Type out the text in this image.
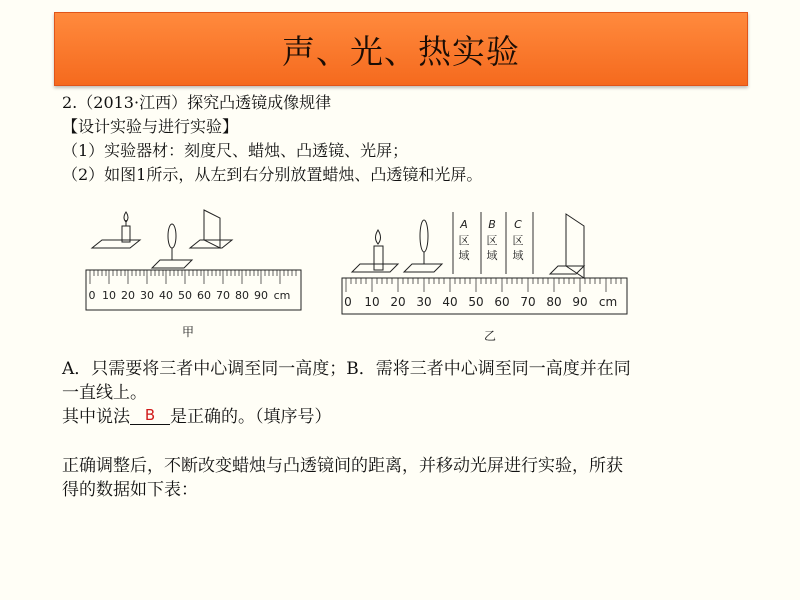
声、光、热实验
2.（2013·江西）探究凸透镜成像规律
【设计实验与进行实验】
（1）实验器材：刻度尺、蜡烛、凸透镜、光屏；
（2）如图1所示，从左到右分别放置蜡烛、凸透镜和光屏。
0 10 20 30 40 50 60 70 80 90 cm
甲
A
区
域
B
区
域
C
区
域
0 10 20 30 40 50 60 70 80 90 cm
乙
A．只需要将三者中心调至同一高度；B．需将三者中心调至同一高度并在同
一直线上。
其中说法 B 是正确的。（填序号）
正确调整后，不断改变蜡烛与凸透镜间的距离，并移动光屏进行实验，所获
得的数据如下表：
